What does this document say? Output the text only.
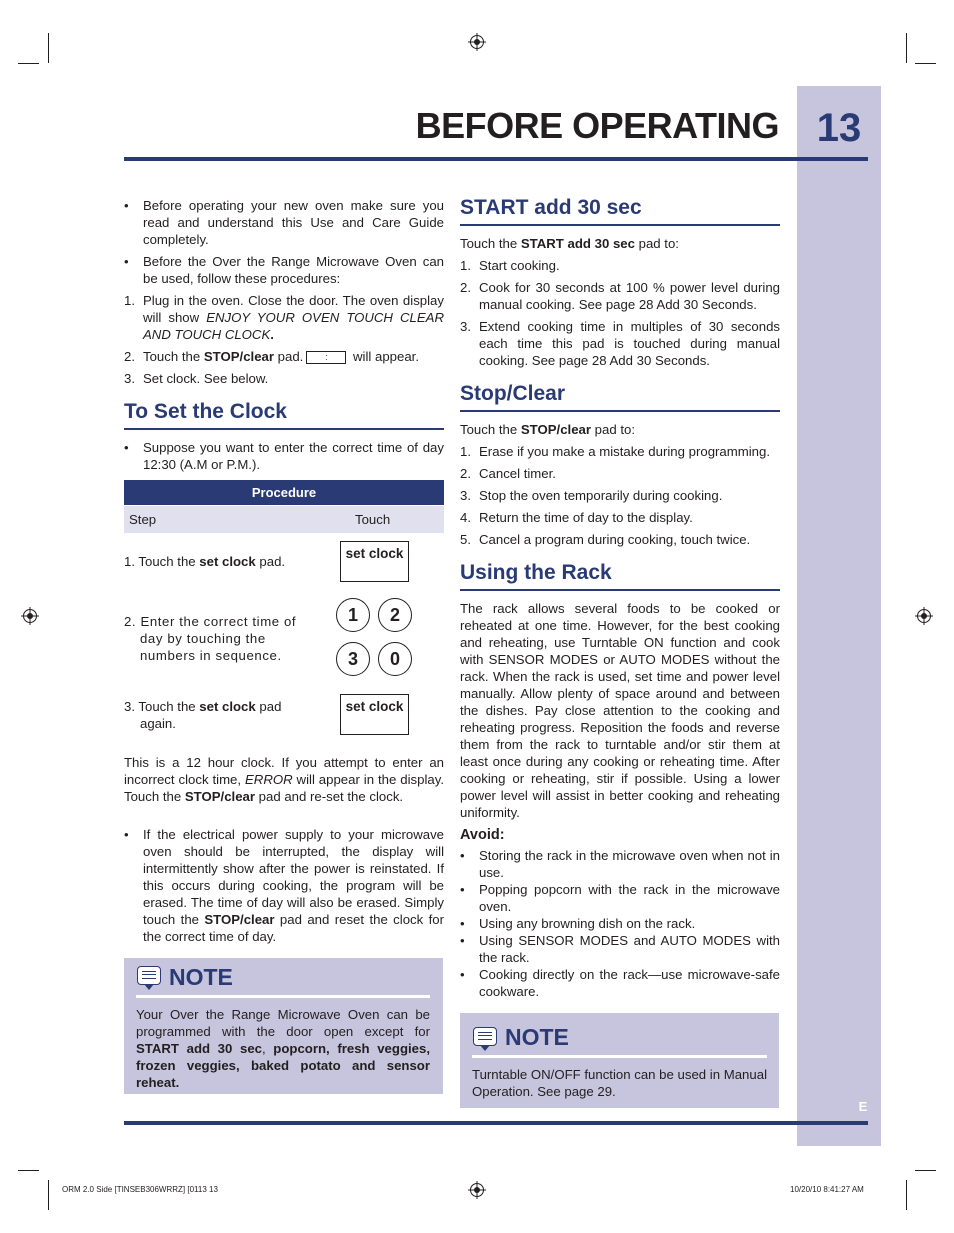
13
BEFORE OPERATING
E
• Before operating your new oven make sure you read and understand this Use and Care Guide completely.
• Before the Over the Range Microwave Oven can be used, follow these procedures:
1. Plug in the oven. Close the door. The oven display will show ENJOY YOUR OVEN TOUCH CLEAR AND TOUCH CLOCK.
2. Touch the STOP/clear pad. : will appear.
3. Set clock. See below.
To Set the Clock
• Suppose you want to enter the correct time of day 12:30 (A.M or P.M.).
Procedure
Step	Touch
1. Touch the set clock pad.
set clock
2. Enter the correct time of day by touching the numbers in sequence.
1	2
3	0
3. Touch the set clock pad again.
set clock
This is a 12 hour clock. If you attempt to enter an incorrect clock time, ERROR will appear in the display. Touch the STOP/clear pad and re-set the clock.
• If the electrical power supply to your microwave oven should be interrupted, the display will intermittently show after the power is reinstated. If this occurs during cooking, the program will be erased. The time of day will also be erased. Simply touch the STOP/clear pad and reset the clock for the correct time of day.
NOTE
Your Over the Range Microwave Oven can be programmed with the door open except for START add 30 sec, popcorn, fresh veggies, frozen veggies, baked potato and sensor reheat.
START add 30 sec
Touch the START add 30 sec pad to:
1. Start cooking.
2. Cook for 30 seconds at 100 % power level during manual cooking. See page 28 Add 30 Seconds.
3. Extend cooking time in multiples of 30 seconds each time this pad is touched during manual cooking. See page 28 Add 30 Seconds.
Stop/Clear
Touch the STOP/clear pad to:
1. Erase if you make a mistake during programming.
2. Cancel timer.
3. Stop the oven temporarily during cooking.
4. Return the time of day to the display.
5. Cancel a program during cooking, touch twice.
Using the Rack
The rack allows several foods to be cooked or reheated at one time. However, for the best cooking and reheating, use Turntable ON function and cook with SENSOR MODES or AUTO MODES without the rack. When the rack is used, set time and power level manually. Allow plenty of space around and between the dishes. Pay close attention to the cooking and reheating progress. Reposition the foods and reverse them from the rack to turntable and/or stir them at least once during any cooking or reheating time. After cooking or reheating, stir if possible. Using a lower power level will assist in better cooking and reheating uniformity.
Avoid:
• Storing the rack in the microwave oven when not in use.
• Popping popcorn with the rack in the microwave oven.
• Using any browning dish on the rack.
• Using SENSOR MODES and AUTO MODES with the rack.
• Cooking directly on the rack—use microwave-safe cookware.
NOTE
Turntable ON/OFF function can be used in Manual Operation. See page 29.
ORM 2.0 Side [TINSEB306WRRZ] [0113 13	10/20/10 8:41:27 AM
